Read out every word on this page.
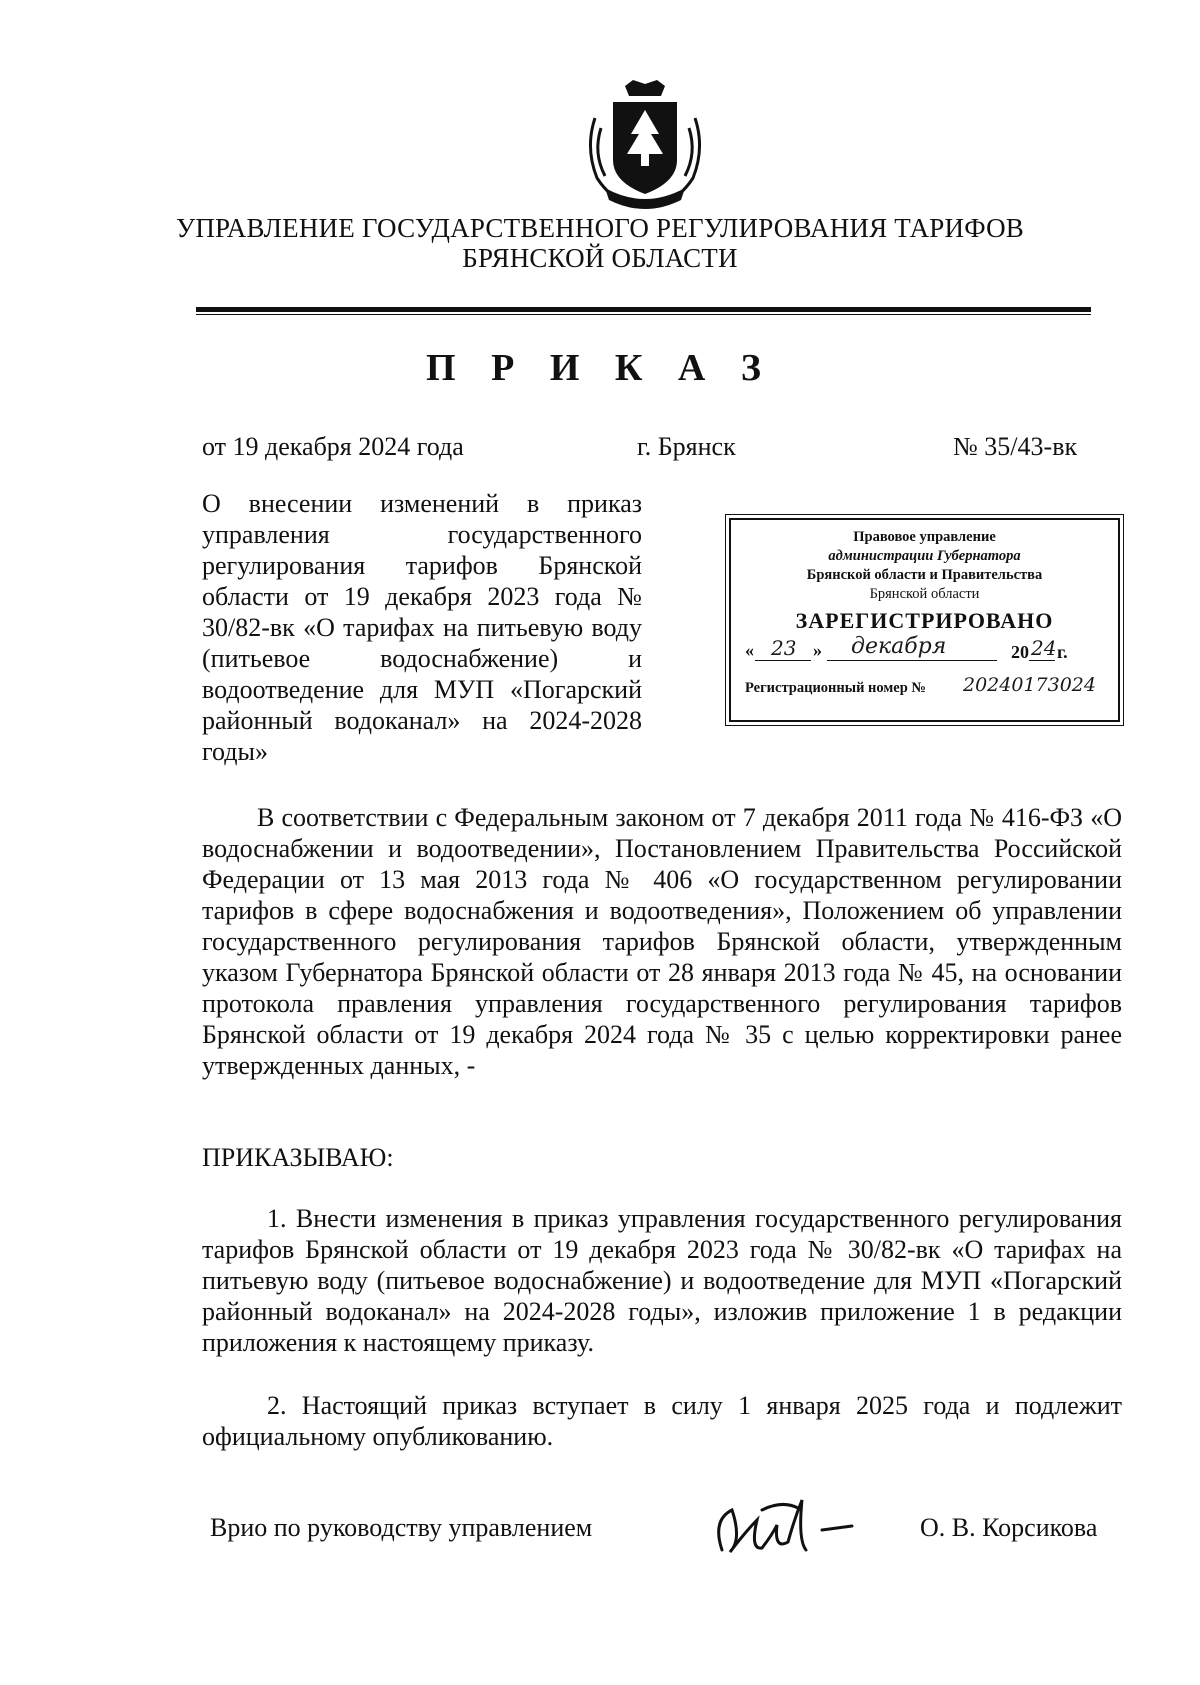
УПРАВЛЕНИЕ ГОСУДАРСТВЕННОГО РЕГУЛИРОВАНИЯ ТАРИФОВ
БРЯНСКОЙ ОБЛАСТИ
П Р И К А З
от 19 декабря 2024 года	г. Брянск	№ 35/43-вк
О внесении изменений в приказ управления государственного регулирования тарифов Брянской области от 19 декабря 2023 года № 30/82-вк «О тарифах на питьевую воду (питьевое водоснабжение) и водоотведение для МУП «Погарский районный водоканал» на 2024-2028 годы»
Правовое управление
администрации Губернатора
Брянской области и Правительства
Брянской области
ЗАРЕГИСТРИРОВАНО
« 23 » декабря	20 24 г.
Регистрационный номер № 20240173024
В соответствии с Федеральным законом от 7 декабря 2011 года № 416-ФЗ «О водоснабжении и водоотведении», Постановлением Правительства Российской Федерации от 13 мая 2013 года № 406 «О государственном регулировании тарифов в сфере водоснабжения и водоотведения», Положением об управлении государственного регулирования тарифов Брянской области, утвержденным указом Губернатора Брянской области от 28 января 2013 года № 45, на основании протокола правления управления государственного регулирования тарифов Брянской области от 19 декабря 2024 года № 35 с целью корректировки ранее утвержденных данных, -
ПРИКАЗЫВАЮ:
1. Внести изменения в приказ управления государственного регулирования тарифов Брянской области от 19 декабря 2023 года № 30/82-вк «О тарифах на питьевую воду (питьевое водоснабжение) и водоотведение для МУП «Погарский районный водоканал» на 2024-2028 годы», изложив приложение 1 в редакции приложения к настоящему приказу.
2. Настоящий приказ вступает в силу 1 января 2025 года и подлежит официальному опубликованию.
Врио по руководству управлением	О. В. Корсикова
